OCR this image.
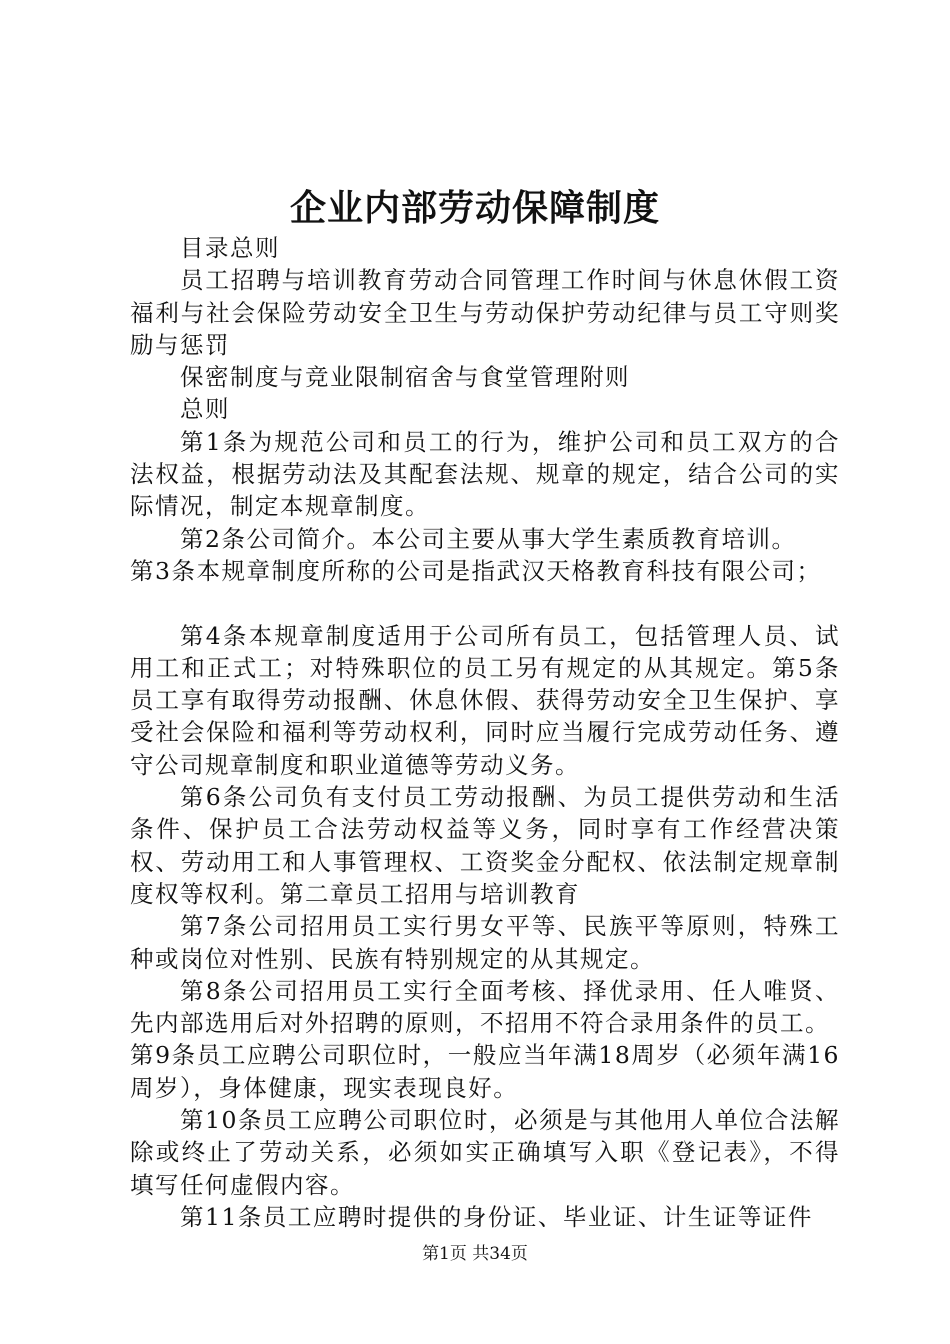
企业内部劳动保障制度

目录总则

员工招聘与培训教育劳动合同管理工作时间与休息休假工资福利与社会保险劳动安全卫生与劳动保护劳动纪律与员工守则奖励与惩罚

保密制度与竞业限制宿舍与食堂管理附则

总则

第1条为规范公司和员工的行为，维护公司和员工双方的合法权益，根据劳动法及其配套法规、规章的规定，结合公司的实际情况，制定本规章制度。

第2条公司简介。本公司主要从事大学生素质教育培训。

第3条本规章制度所称的公司是指武汉天格教育科技有限公司；

第4条本规章制度适用于公司所有员工，包括管理人员、试用工和正式工；对特殊职位的员工另有规定的从其规定。第5条员工享有取得劳动报酬、休息休假、获得劳动安全卫生保护、享受社会保险和福利等劳动权利，同时应当履行完成劳动任务、遵守公司规章制度和职业道德等劳动义务。

第6条公司负有支付员工劳动报酬、为员工提供劳动和生活条件、保护员工合法劳动权益等义务，同时享有工作经营决策权、劳动用工和人事管理权、工资奖金分配权、依法制定规章制度权等权利。第二章员工招用与培训教育

第7条公司招用员工实行男女平等、民族平等原则，特殊工种或岗位对性别、民族有特别规定的从其规定。

第8条公司招用员工实行全面考核、择优录用、任人唯贤、先内部选用后对外招聘的原则，不招用不符合录用条件的员工。

第9条员工应聘公司职位时，一般应当年满18周岁（必须年满16周岁），身体健康，现实表现良好。

第10条员工应聘公司职位时，必须是与其他用人单位合法解除或终止了劳动关系，必须如实正确填写入职《登记表》，不得填写任何虚假内容。

第11条员工应聘时提供的身份证、毕业证、计生证等证件

第1页 共34页
